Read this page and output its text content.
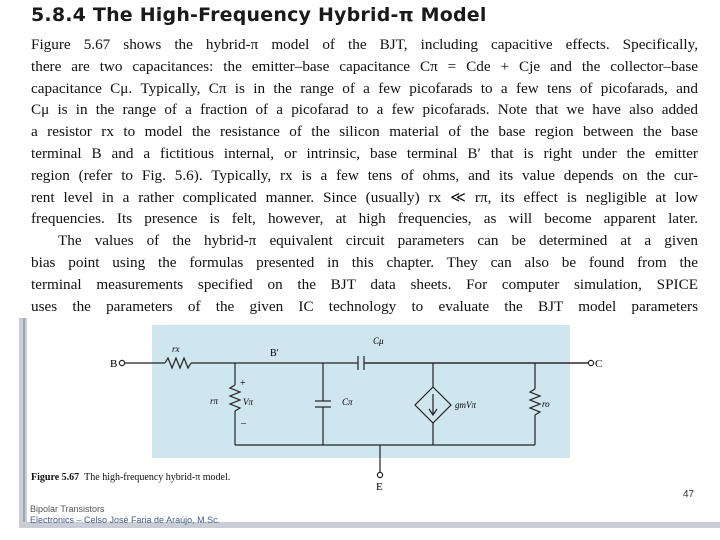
5.8.4 The High-Frequency Hybrid-π Model

Figure 5.67 shows the hybrid-π model of the BJT, including capacitive effects. Specifically,
there are two capacitances: the emitter–base capacitance Cπ = Cde + Cje and the collector–base
capacitance Cμ. Typically, Cπ is in the range of a few picofarads to a few tens of picofarads, and
Cμ is in the range of a fraction of a picofarad to a few picofarads. Note that we have also added
a resistor rx to model the resistance of the silicon material of the base region between the base
terminal B and a fictitious internal, or intrinsic, base terminal B′ that is right under the emitter
region (refer to Fig. 5.6). Typically, rx is a few tens of ohms, and its value depends on the cur-
rent level in a rather complicated manner. Since (usually) rx ≪ rπ, its effect is negligible at low
frequencies. Its presence is felt, however, at high frequencies, as will become apparent later.

The values of the hybrid-π equivalent circuit parameters can be determined at a given
bias point using the formulas presented in this chapter. They can also be found from the
terminal measurements specified on the BJT data sheets. For computer simulation, SPICE
uses the parameters of the given IC technology to evaluate the BJT model parameters

B
rx	B′
Cμ
C
rπ
+
Vπ
–
Cπ	gmVπ	ro
E
Figure 5.67 The high-frequency hybrid-π model.
47
Bipolar Transistors
Electronics – Celso José Faria de Araújo, M.Sc.
